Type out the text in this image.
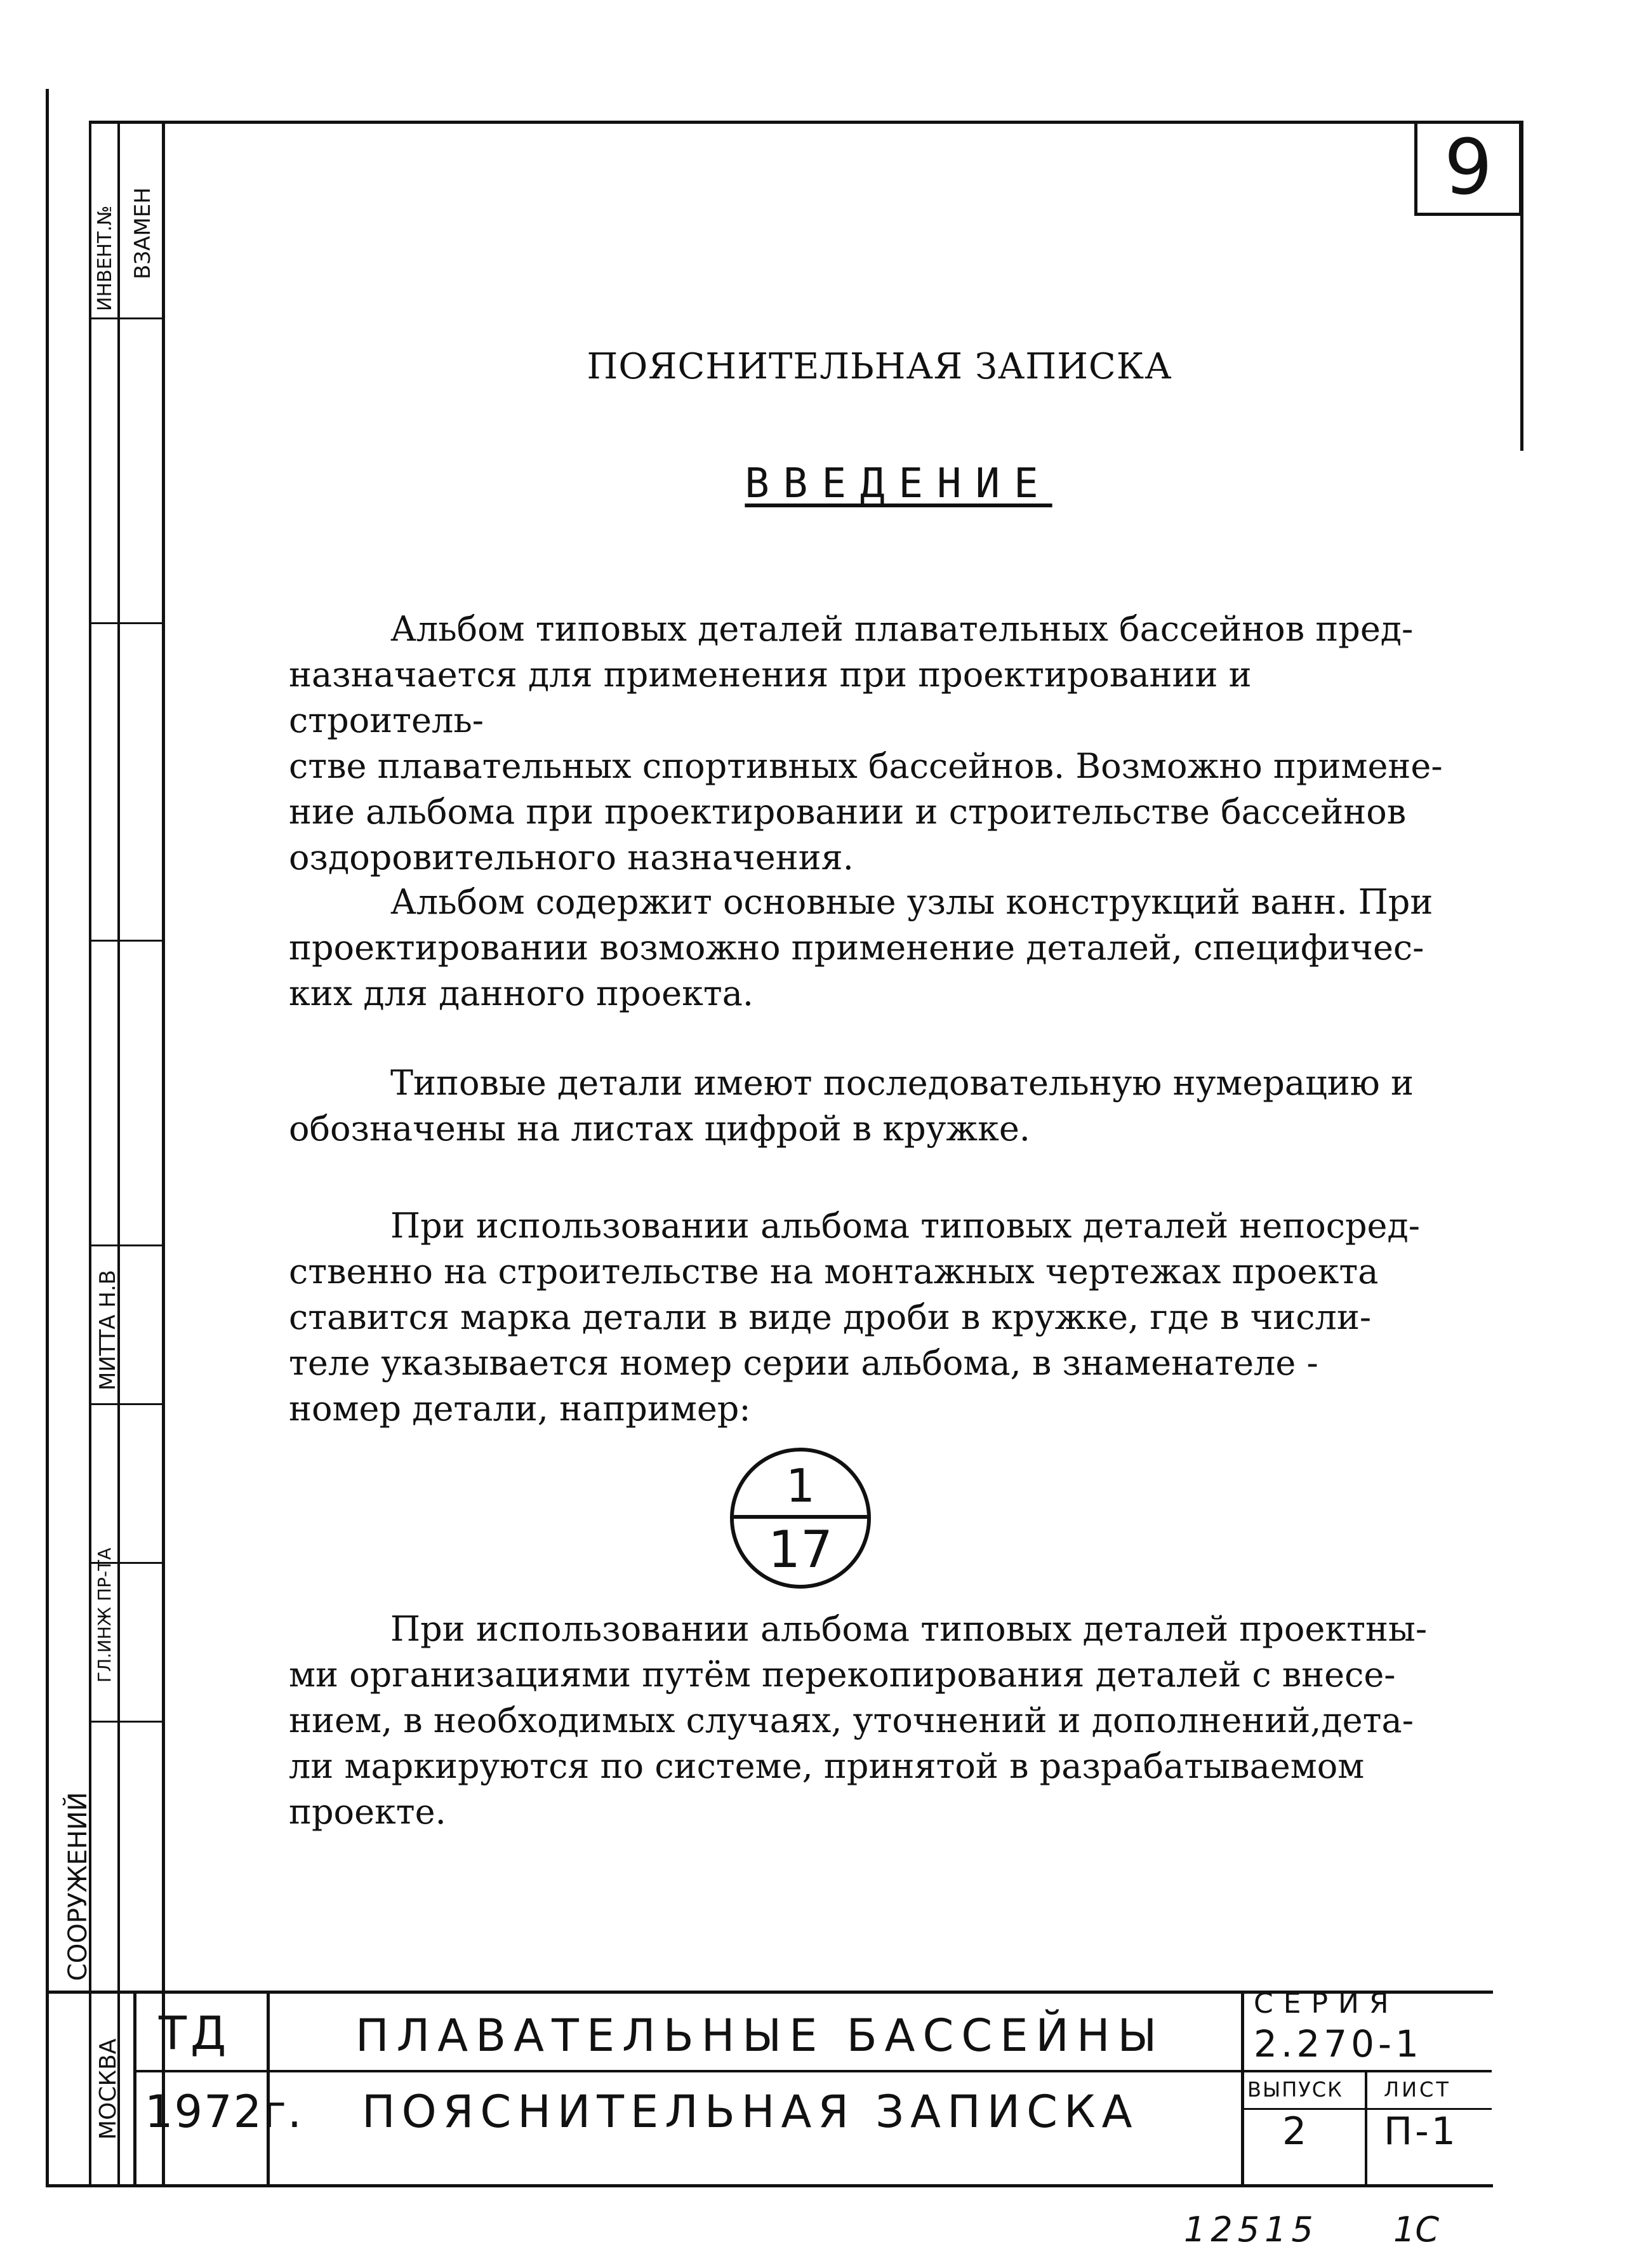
ИНВЕНТ.№ ВЗАМЕН
МИТТА Н.В
ГЛ.ИНЖ ПР-ТА
СООРУЖЕНИЙ
МОСКВА
9
ПОЯСНИТЕЛЬНАЯ ЗАПИСКА
ВВЕДЕНИЕ
Альбом типовых деталей плавательных бассейнов пред-
назначается для применения при проектировании и строитель-
стве плавательных спортивных бассейнов. Возможно примене-
ние альбома при проектировании и строительстве бассейнов
оздоровительного назначения.
Альбом содержит основные узлы конструкций ванн. При
проектировании возможно применение деталей, специфичес-
ких для данного проекта.
Типовые детали имеют последовательную нумерацию и
обозначены на листах цифрой в кружке.
При использовании альбома типовых деталей непосред-
ственно на строительстве на монтажных чертежах проекта
ставится марка детали в виде дроби в кружке, где в числи-
теле указывается номер серии альбома, в знаменателе -
номер детали, например:
1
17
При использовании альбома типовых деталей проектны-
ми организациями путём перекопирования деталей с внесе-
нием, в необходимых случаях, уточнений и дополнений,дета-
ли маркируются по системе, принятой в разрабатываемом
проекте.
ТД
1972г.
ПЛАВАТЕЛЬНЫЕ БАССЕЙНЫ
ПОЯСНИТЕЛЬНАЯ ЗАПИСКА
СЕРИЯ
2.270-1
ВЫПУСК
2
ЛИСТ
П-1
12515 1С
